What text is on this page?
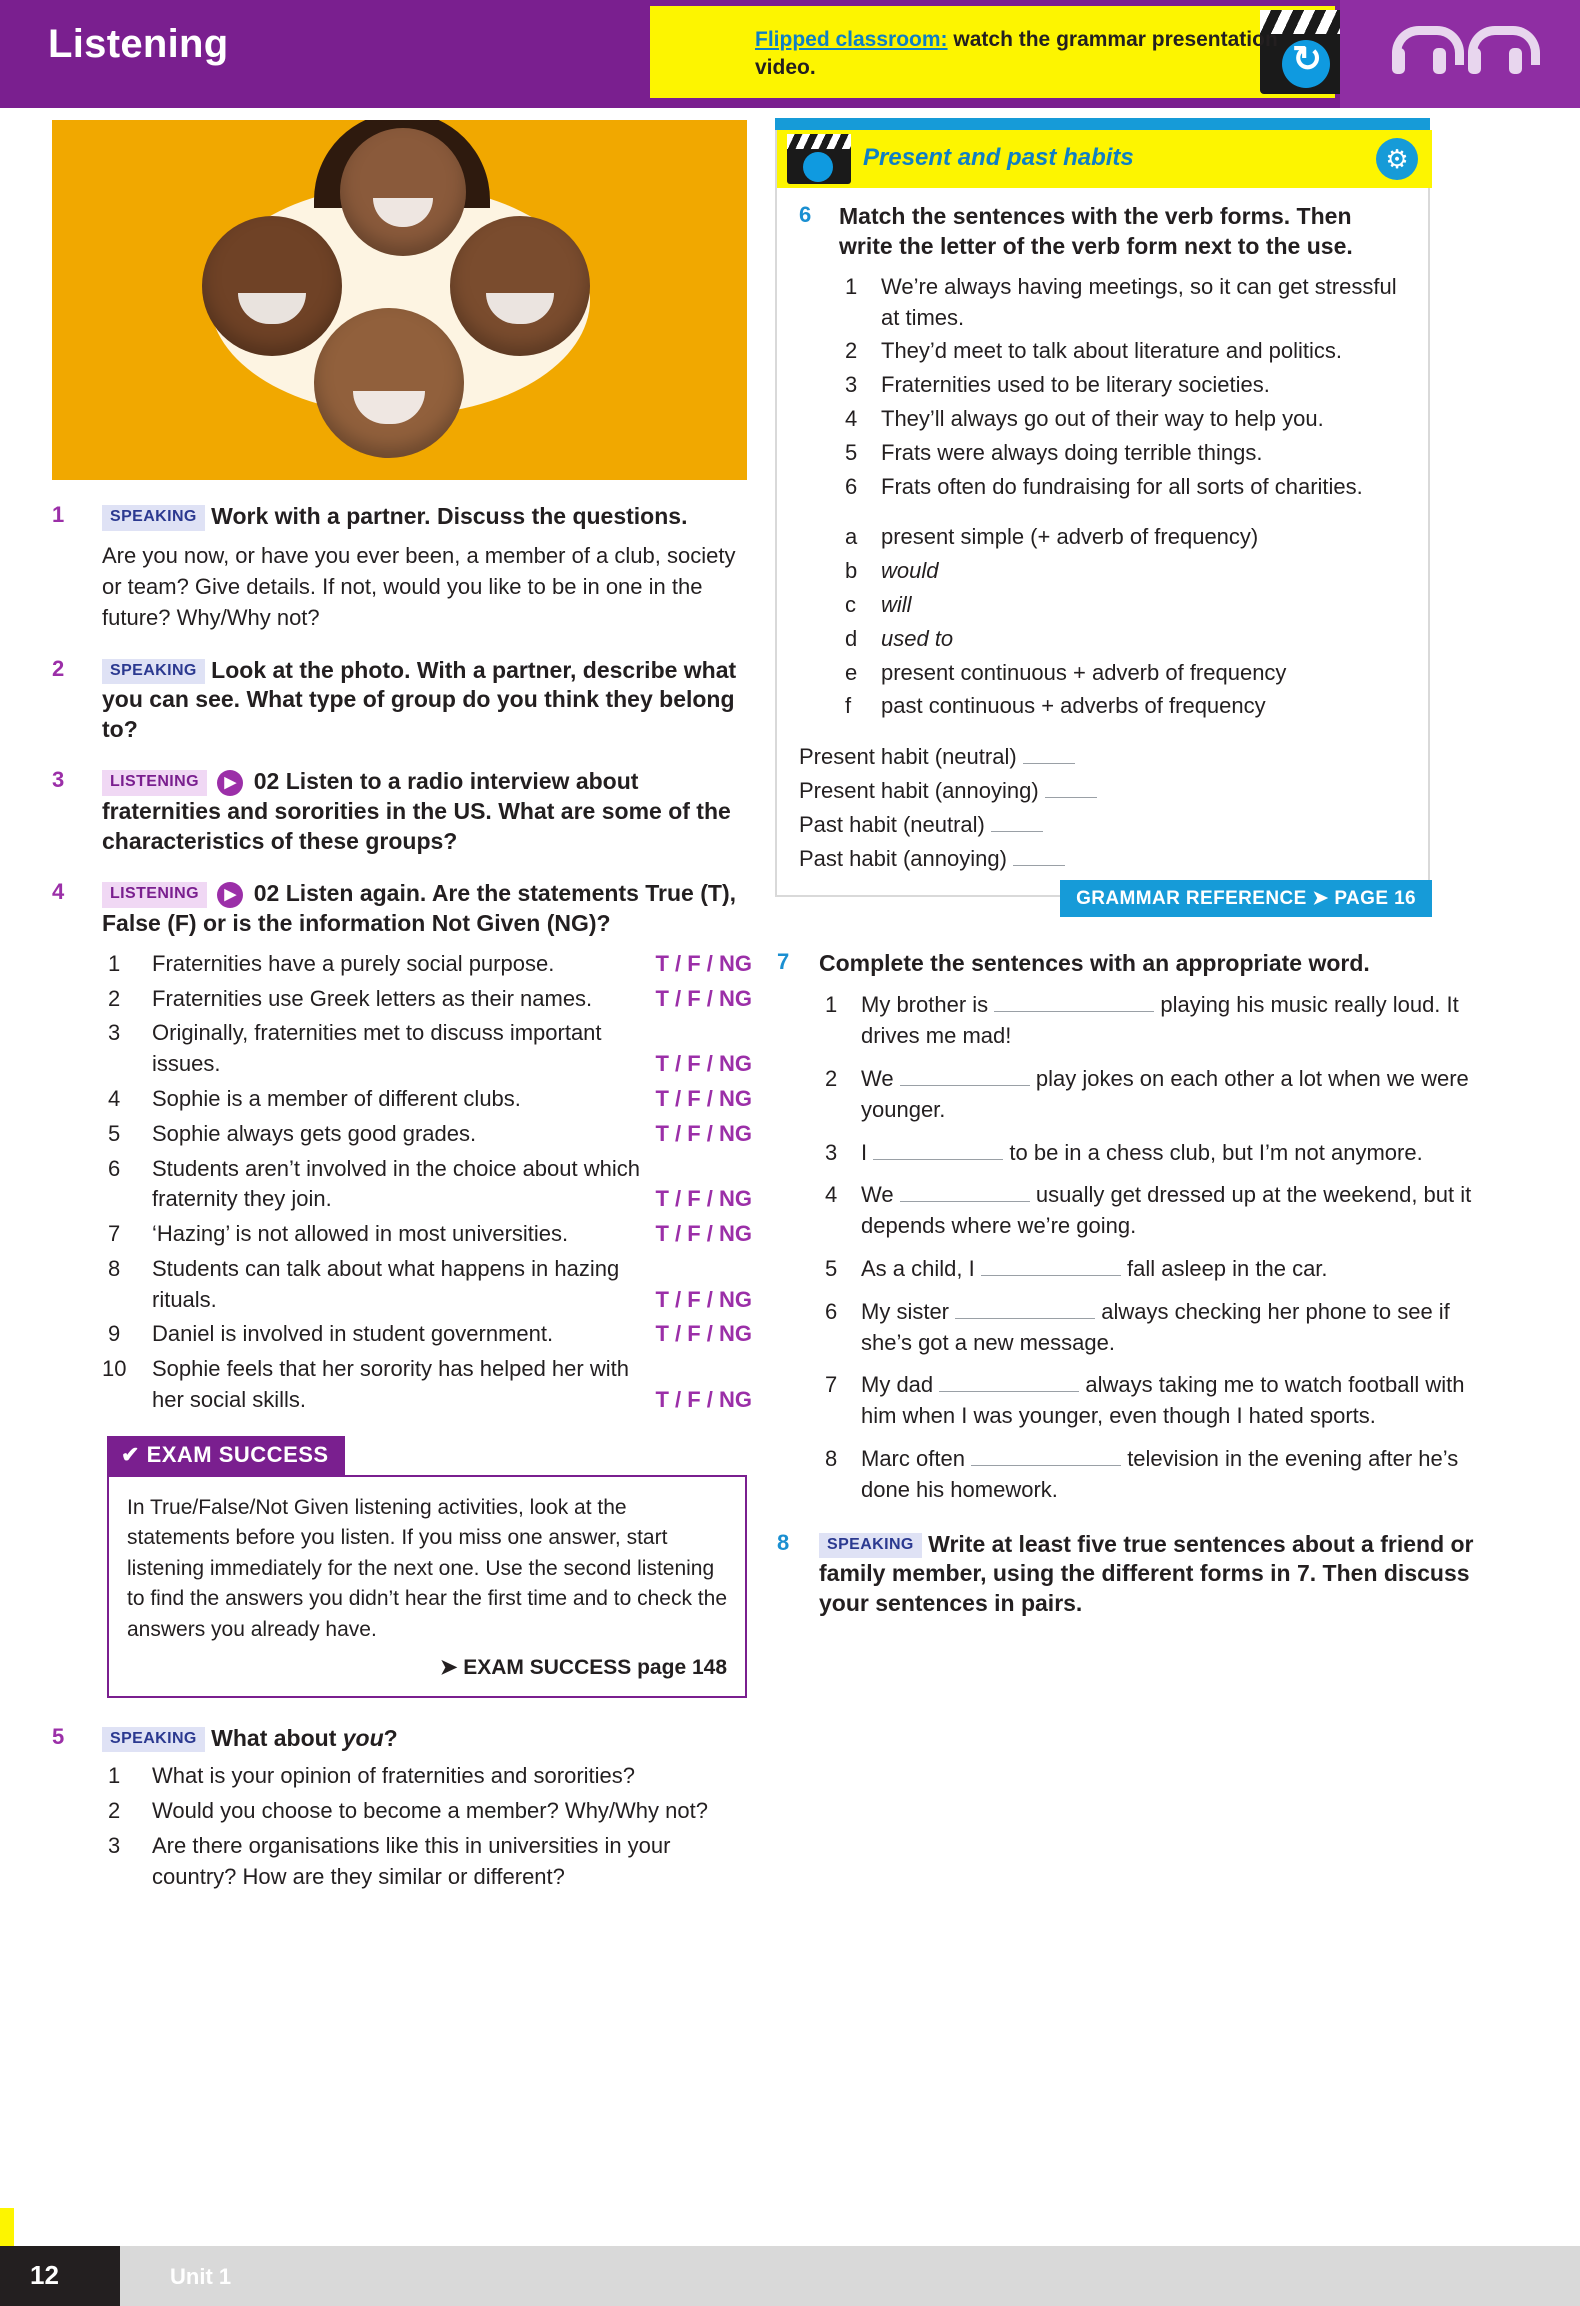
Listening
↻	Flipped classroom: watch the grammar presentation video.
1	SPEAKING Work with a partner. Discuss the questions.
Are you now, or have you ever been, a member of a club, society or team? Give details. If not, would you like to be in one in the future? Why/Why not?
2	SPEAKING Look at the photo. With a partner, describe what you can see. What type of group do you think they belong to?
3	LISTENING ▶ 02 Listen to a radio interview about fraternities and sororities in the US. What are some of the characteristics of these groups?
4	LISTENING ▶ 02 Listen again. Are the statements True (T), False (F) or is the information Not Given (NG)?
1 Fraternities have a purely social purpose.	T / F / NG
2 Fraternities use Greek letters as their names.	T / F / NG
3 Originally, fraternities met to discuss important issues.	T / F / NG
4 Sophie is a member of different clubs.	T / F / NG
5 Sophie always gets good grades.	T / F / NG
6 Students aren’t involved in the choice about which fraternity they join.	T / F / NG
7 ‘Hazing’ is not allowed in most universities.	T / F / NG
8 Students can talk about what happens in hazing rituals.	T / F / NG
9 Daniel is involved in student government.	T / F / NG
10 Sophie feels that her sorority has helped her with her social skills.	T / F / NG
✔ EXAM SUCCESS
In True/False/Not Given listening activities, look at the statements before you listen. If you miss one answer, start listening immediately for the next one. Use the second listening to find the answers you didn’t hear the first time and to check the answers you already have.
➤ EXAM SUCCESS page 148
5	SPEAKING What about you?
1 What is your opinion of fraternities and sororities?
2 Would you choose to become a member? Why/Why not?
3 Are there organisations like this in universities in your country? How are they similar or different?
Present and past habits	⚙
6 Match the sentences with the verb forms. Then write the letter of the verb form next to the use.
1 We’re always having meetings, so it can get stressful at times.
2 They’d meet to talk about literature and politics.
3 Fraternities used to be literary societies.
4 They’ll always go out of their way to help you.
5 Frats were always doing terrible things.
6 Frats often do fundraising for all sorts of charities.
a present simple (+ adverb of frequency)
b would
c will
d used to
e present continuous + adverb of frequency
f past continuous + adverbs of frequency
Present habit (neutral)
Present habit (annoying)
Past habit (neutral)
Past habit (annoying)
GRAMMAR REFERENCE ➤ PAGE 16
7 Complete the sentences with an appropriate word.
1 My brother is	playing his music really loud. It drives me mad!
2 We	play jokes on each other a lot when we were younger.
3 I	to be in a chess club, but I’m not anymore.
4 We	usually get dressed up at the weekend, but it depends where we’re going.
5 As a child, I	fall asleep in the car.
6 My sister	always checking her phone to see if she’s got a new message.
7 My dad	always taking me to watch football with him when I was younger, even though I hated sports.
8 Marc often	television in the evening after he’s done his homework.
8	SPEAKING Write at least five true sentences about a friend or family member, using the different forms in 7. Then discuss your sentences in pairs.
12	Unit 1
